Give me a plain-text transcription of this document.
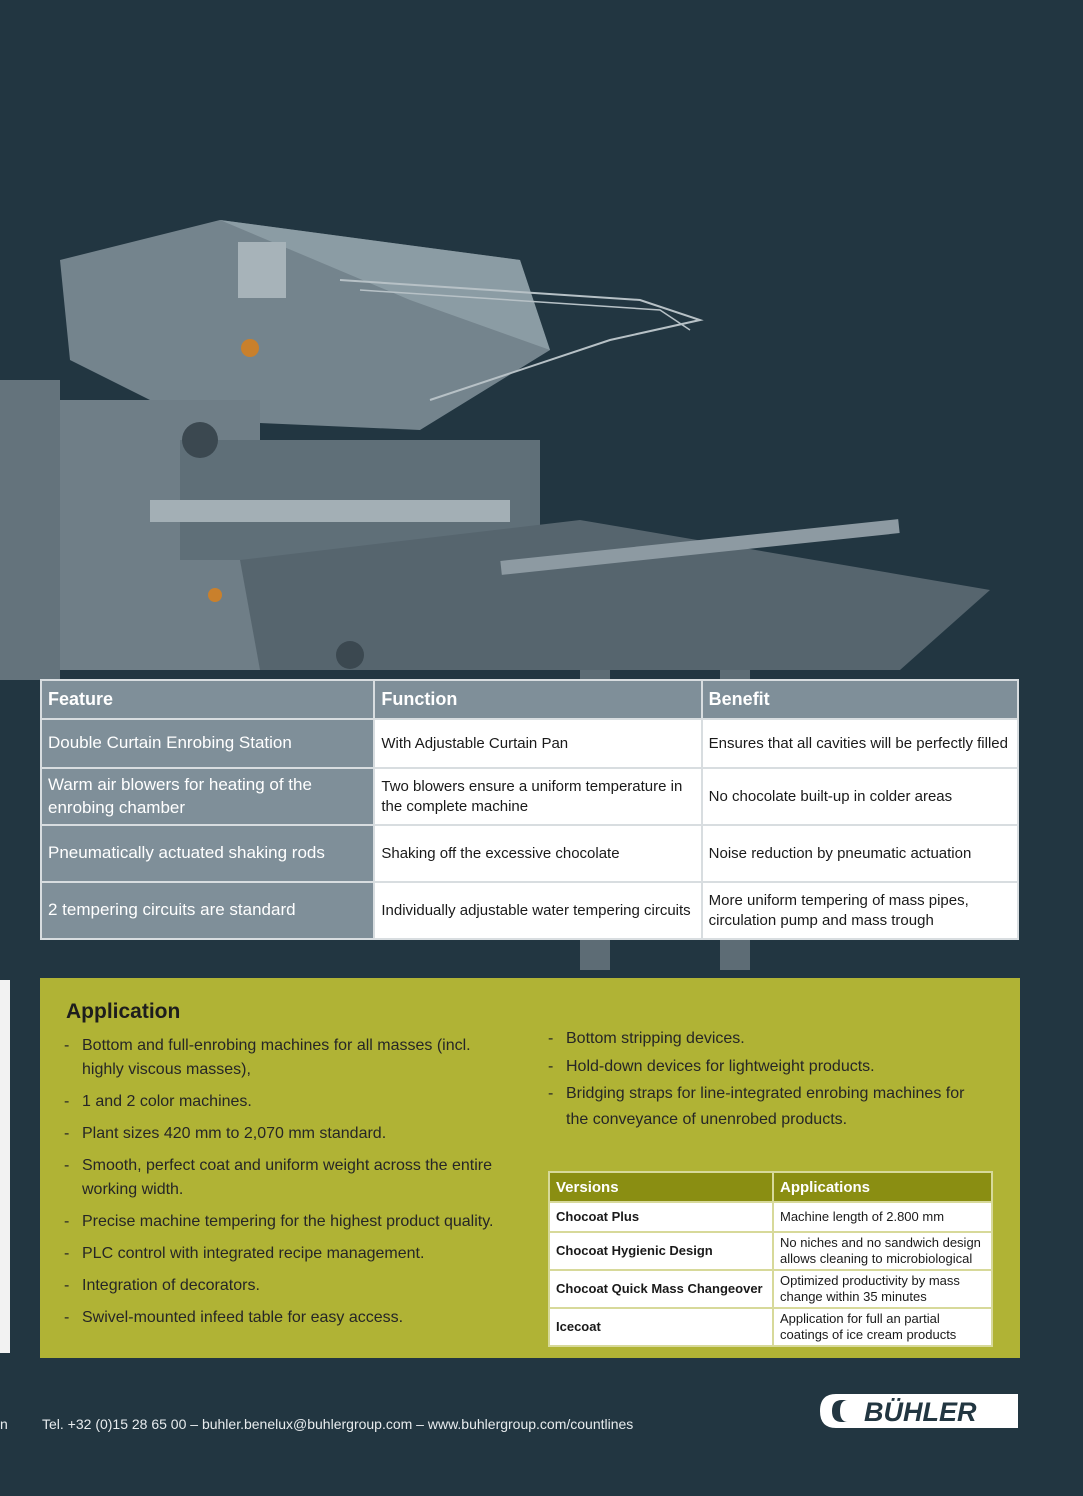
Feature	Function	Benefit
Double Curtain Enrobing Station	With Adjustable Curtain Pan	Ensures that all cavities will be perfectly filled
Warm air blowers for heating of the enrobing chamber	Two blowers ensure a uniform temperature in the complete machine	No chocolate built-up in colder areas
Pneumatically actuated shaking rods	Shaking off the excessive chocolate	Noise reduction by pneumatic actuation
2 tempering circuits are standard	Individually adjustable water tempering circuits	More uniform tempering of mass pipes, circulation pump and mass trough
Application
- Bottom and full-enrobing machines for all masses (incl. highly viscous masses),
- 1 and 2 color machines.
- Plant sizes 420 mm to 2,070 mm standard.
- Smooth, perfect coat and uniform weight across the entire working width.
- Precise machine tempering for the highest product quality.
- PLC control with integrated recipe management.
- Integration of decorators.
- Swivel-mounted infeed table for easy access.
- Bottom stripping devices.
- Hold-down devices for lightweight products.
- Bridging straps for line-integrated enrobing machines for the conveyance of unenrobed products.
Versions	Applications
Chocoat Plus	Machine length of 2.800 mm
Chocoat Hygienic Design	No niches and no sandwich design allows cleaning to microbiological
Chocoat Quick Mass Changeover	Optimized productivity by mass change within 35 minutes
Icecoat	Application for full an partial coatings of ice cream products
n Tel. +32 (0)15 28 65 00 – buhler.benelux@buhlergroup.com – www.buhlergroup.com/countlines	BÜHLER
